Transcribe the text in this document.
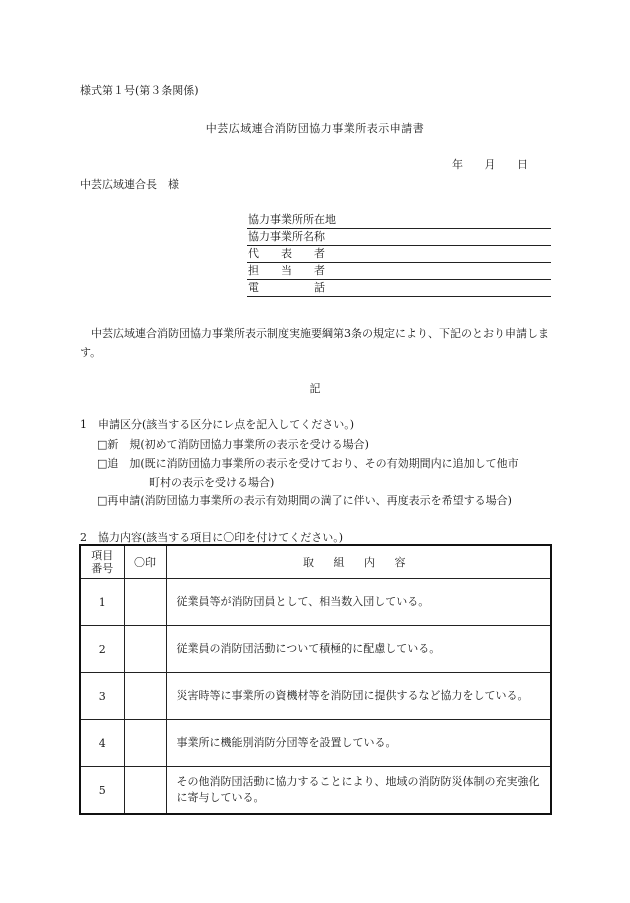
様式第１号(第３条関係)
中芸広域連合消防団協力事業所表示申請書
年 月 日
中芸広域連合長　様
協力事業所所在地
協力事業所名称
代　　表　　者
担　　当　　者
電　　　　　話
中芸広域連合消防団協力事業所表示制度実施要綱第3条の規定により、下記のとおり申請します。
記
1　申請区分(該当する区分にレ点を記入してください。)
□新　規(初めて消防団協力事業所の表示を受ける場合)
□追　加(既に消防団協力事業所の表示を受けており、その有効期間内に追加して他市
町村の表示を受ける場合)
□再申請(消防団協力事業所の表示有効期間の満了に伴い、再度表示を希望する場合)
2　協力内容(該当する項目に〇印を付けてください。)
項目
番号	〇印	取 組 内 容
1		従業員等が消防団員として、相当数入団している。
2		従業員の消防団活動について積極的に配慮している。
3		災害時等に事業所の資機材等を消防団に提供するなど協力をしている。
4		事業所に機能別消防分団等を設置している。
5		その他消防団活動に協力することにより、地域の消防防災体制の充実強化に寄与している。
